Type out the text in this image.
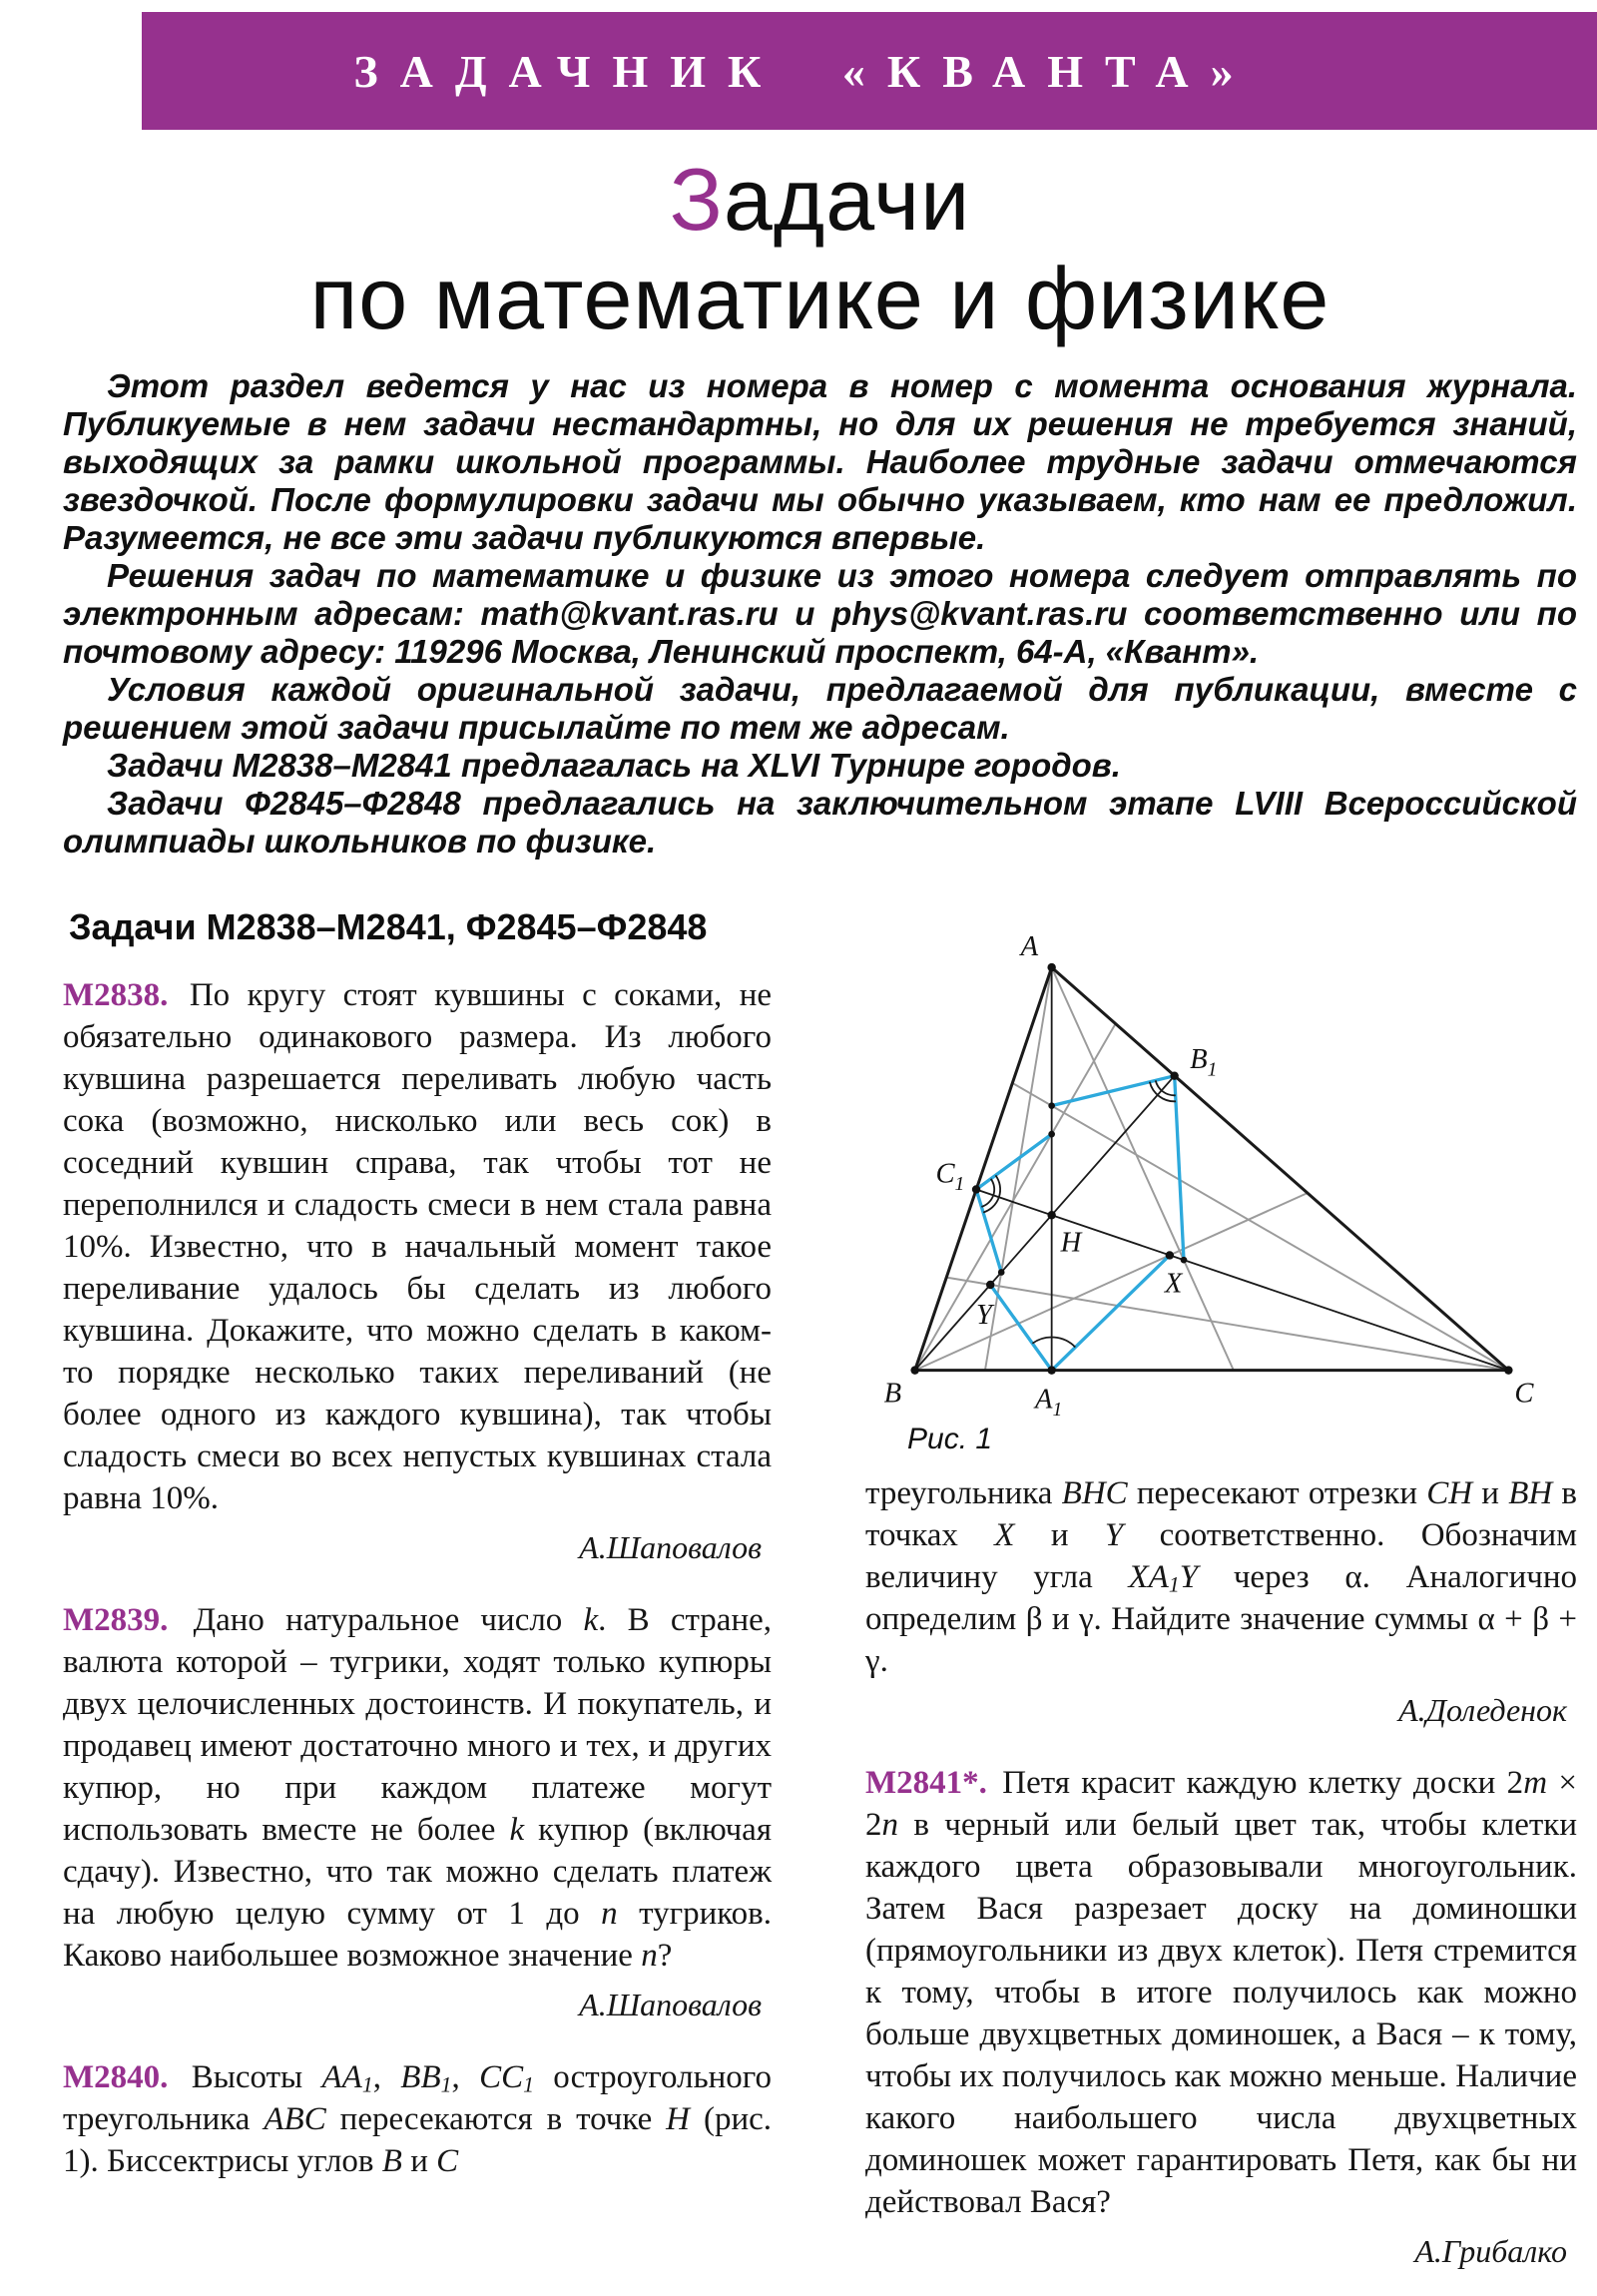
ЗАДАЧНИК «КВАНТА»
Задачи
по математике и физике

Этот раздел ведется у нас из номера в номер с момента основания журнала. Публикуемые в нем задачи нестандартны, но для их решения не требуется знаний, выходящих за рамки школьной программы. Наиболее трудные задачи отмечаются звездочкой. После формулировки задачи мы обычно указываем, кто нам ее предложил. Разумеется, не все эти задачи публикуются впервые.

Решения задач по математике и физике из этого номера следует отправлять по электронным адресам: math@kvant.ras.ru и phys@kvant.ras.ru соответственно или по почтовому адресу: 119296 Москва, Ленинский проспект, 64-А, «Квант».

Условия каждой оригинальной задачи, предлагаемой для публикации, вместе с решением этой задачи присылайте по тем же адресам.

Задачи М2838–М2841 предлагалась на XLVI Турнире городов.

Задачи Ф2845–Ф2848 предлагались на заключительном этапе LVIII Всероссийской олимпиады школьников по физике.

Задачи М2838–М2841, Ф2845–Ф2848

М2838. По кругу стоят кувшины с соками, не обязательно одинакового размера. Из любого кувшина разрешается переливать любую часть сока (возможно, нисколько или весь сок) в соседний кувшин справа, так чтобы тот не переполнился и сладость смеси в нем стала равна 10%. Известно, что в начальный момент такое переливание удалось бы сделать из любого кувшина. Докажите, что можно сделать в каком-то порядке несколько таких переливаний (не более одного из каждого кувшина), так чтобы сладость смеси во всех непустых кувшинах стала равна 10%.

А.Шаповалов

М2839. Дано натуральное число k. В стране, валюта которой – тугрики, ходят только купюры двух целочисленных достоинств. И покупатель, и продавец имеют достаточно много и тех, и других купюр, но при каждом платеже могут использовать вместе не более k купюр (включая сдачу). Известно, что так можно сделать платеж на любую целую сумму от 1 до n тугриков. Каково наибольшее возможное значение n?

А.Шаповалов

М2840. Высоты $AA_1$, $BB_1$, $CC_1$ остроугольного треугольника ABC пересекаются в точке H (рис. 1). Биссектрисы углов B и C

A
B	C
H
X
Y
$A_1$
$B_1$
$C_1$
Рис. 1

треугольника BHC пересекают отрезки CH и BH в точках X и Y соответственно. Обозначим величину угла $XA_1Y$ через α. Аналогично определим β и γ. Найдите значение суммы α + β + γ.

А.Доледенок

М2841*. Петя красит каждую клетку доски 2m × 2n в черный или белый цвет так, чтобы клетки каждого цвета образовывали многоугольник. Затем Вася разрезает доску на доминошки (прямоугольники из двух клеток). Петя стремится к тому, чтобы в итоге получилось как можно больше двухцветных доминошек, а Вася – к тому, чтобы их получилось как можно меньше. Наличие какого наибольшего числа двухцветных доминошек может гарантировать Петя, как бы ни действовал Вася?

А.Грибалко
